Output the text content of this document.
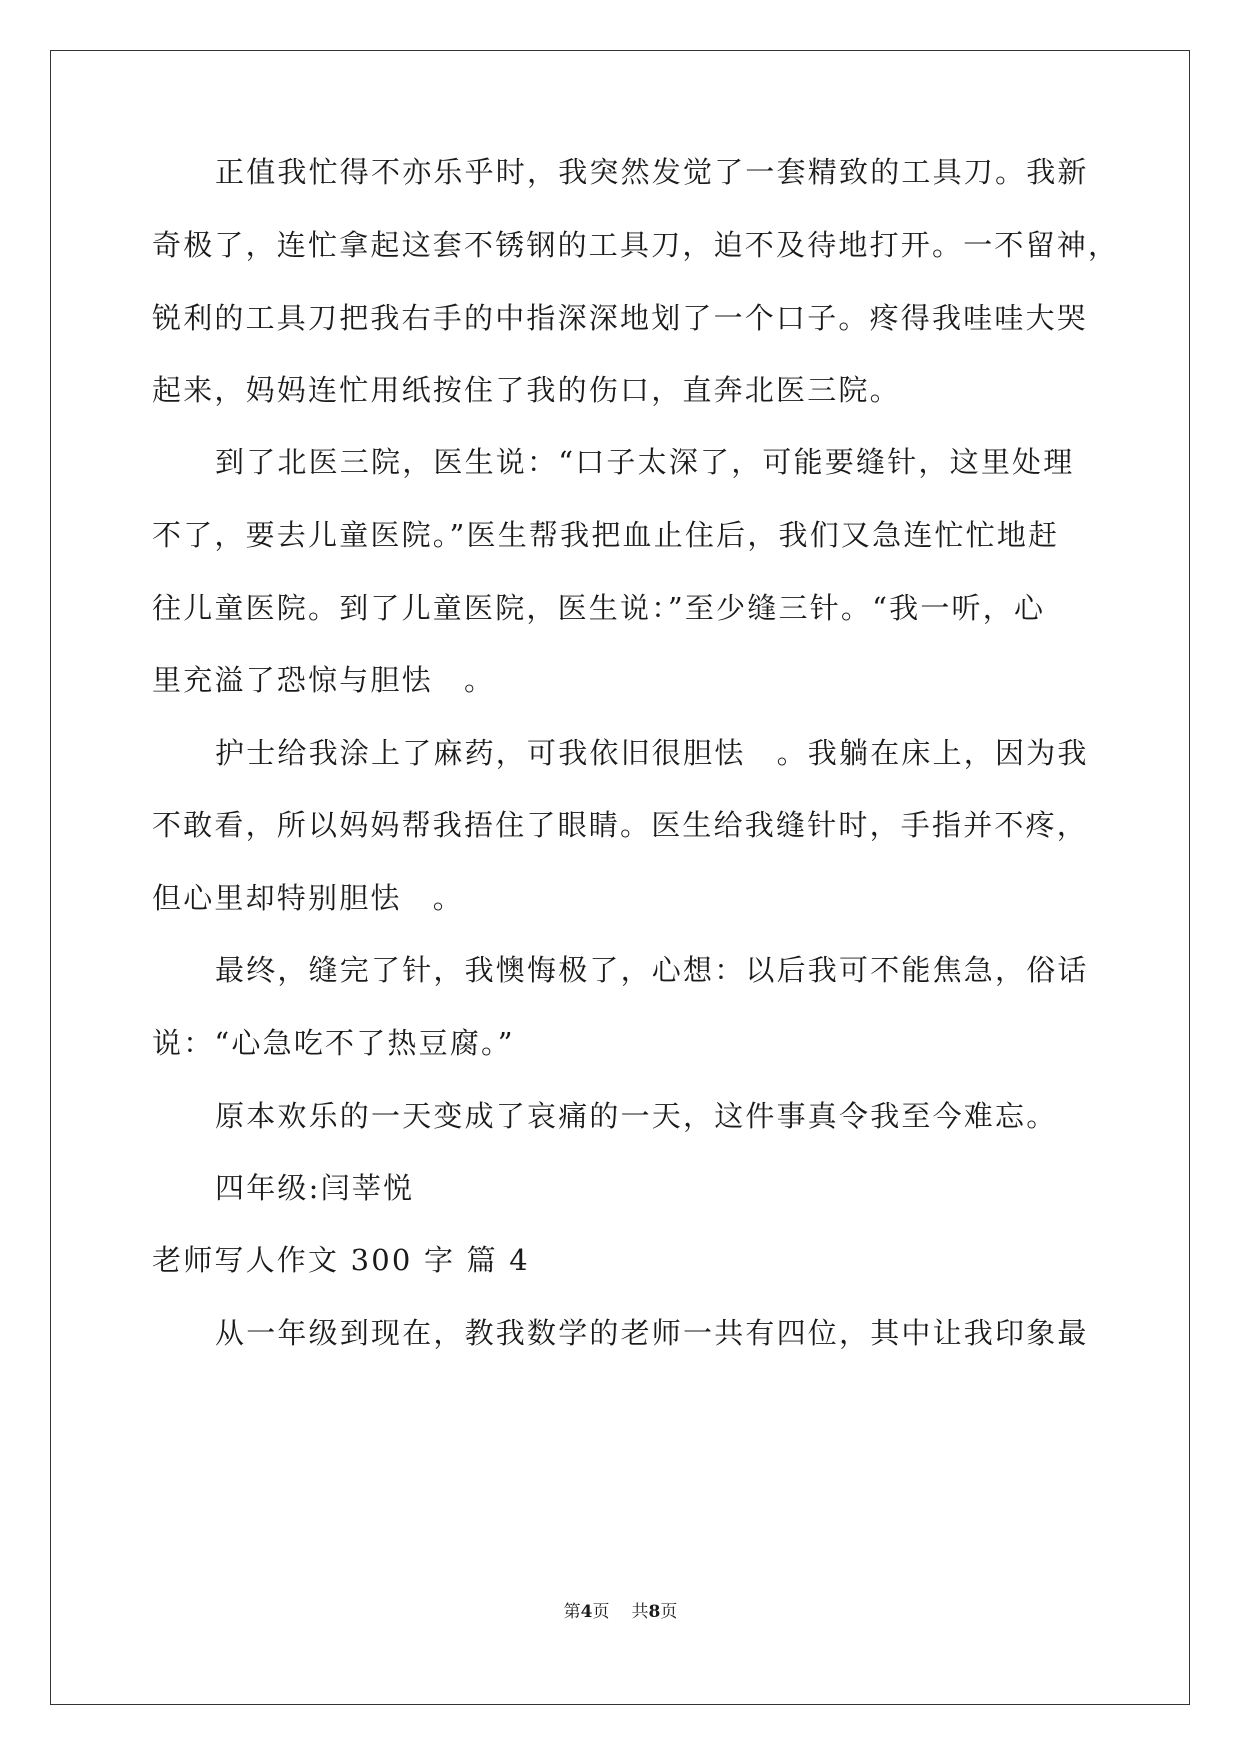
正值我忙得不亦乐乎时，我突然发觉了一套精致的工具刀。我新
奇极了，连忙拿起这套不锈钢的工具刀，迫不及待地打开。一不留神，
锐利的工具刀把我右手的中指深深地划了一个口子。疼得我哇哇大哭
起来，妈妈连忙用纸按住了我的伤口，直奔北医三院。
到了北医三院，医生说：“口子太深了，可能要缝针，这里处理
不了，要去儿童医院。”医生帮我把血止住后，我们又急连忙忙地赶
往儿童医院。到了儿童医院，医生说：”至少缝三针。“我一听，心
里充溢了恐惊与胆怯　。
护士给我涂上了麻药，可我依旧很胆怯　。我躺在床上，因为我
不敢看，所以妈妈帮我捂住了眼睛。医生给我缝针时，手指并不疼，
但心里却特别胆怯　。
最终，缝完了针，我懊悔极了，心想：以后我可不能焦急，俗话
说：“心急吃不了热豆腐。”
原本欢乐的一天变成了哀痛的一天，这件事真令我至今难忘。
四年级:闫莘悦
老师写人作文 300 字 篇 4
从一年级到现在，教我数学的老师一共有四位，其中让我印象最
第4页 共8页
